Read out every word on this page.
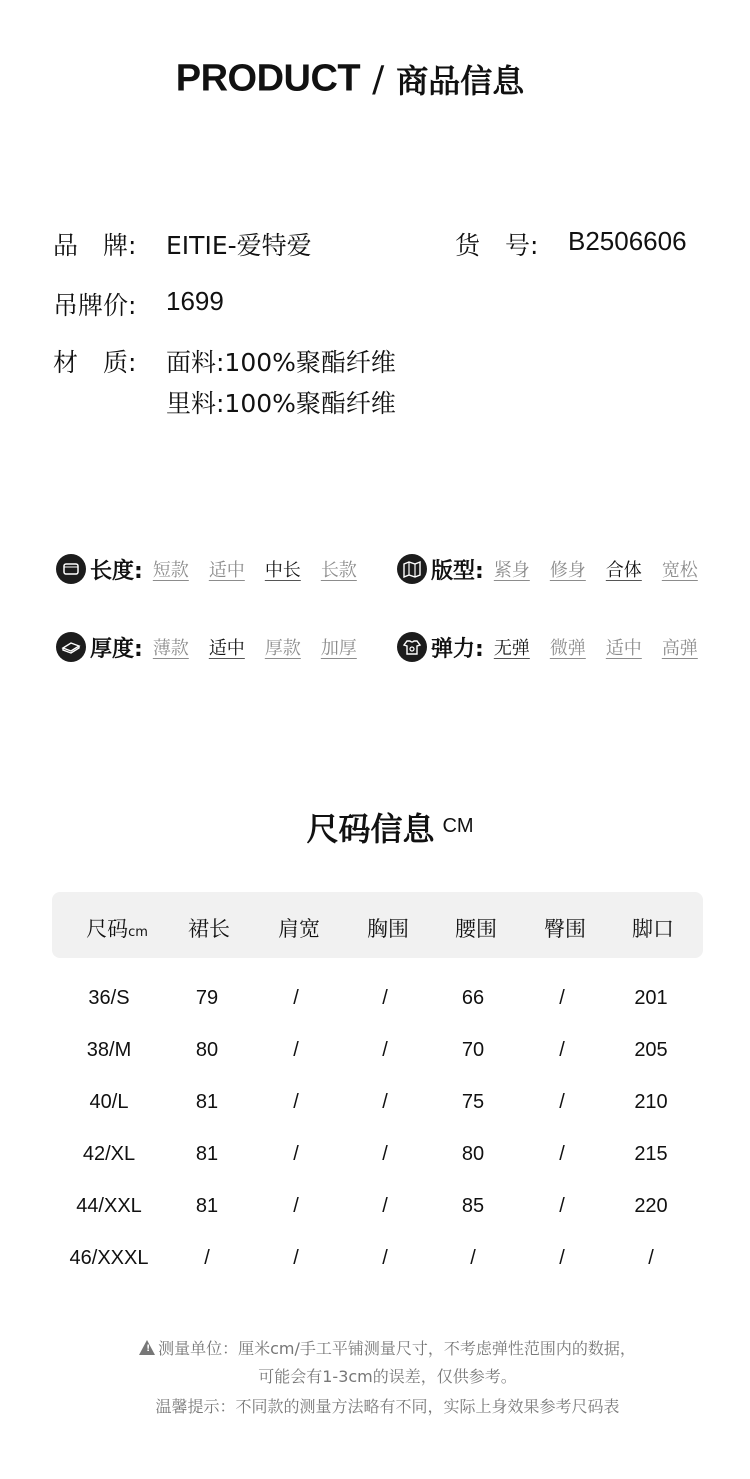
PRODUCT / 商品信息
品　牌: EITIE-爱特爱	货　号: B2506606
吊牌价: 1699
材　质: 面料:100%聚酯纤维
里料:100%聚酯纤维
长度: 短款 适中 中长 长款	版型: 紧身 修身 合体 宽松
厚度: 薄款 适中 厚款 加厚	弹力: 无弹 微弹 适中 高弹
尺码信息 CM
尺码cm	裙长	肩宽	胸围	腰围	臀围	脚口
36/S	79	/	/	66	/	201
38/M	80	/	/	70	/	205
40/L	81	/	/	75	/	210
42/XL	81	/	/	80	/	215
44/XXL	81	/	/	85	/	220
46/XXXL	/	/	/	/	/	/
! 测量单位：厘米cm/手工平铺测量尺寸，不考虑弹性范围内的数据，
可能会有1-3cm的误差，仅供参考。
温馨提示：不同款的测量方法略有不同，实际上身效果参考尺码表
